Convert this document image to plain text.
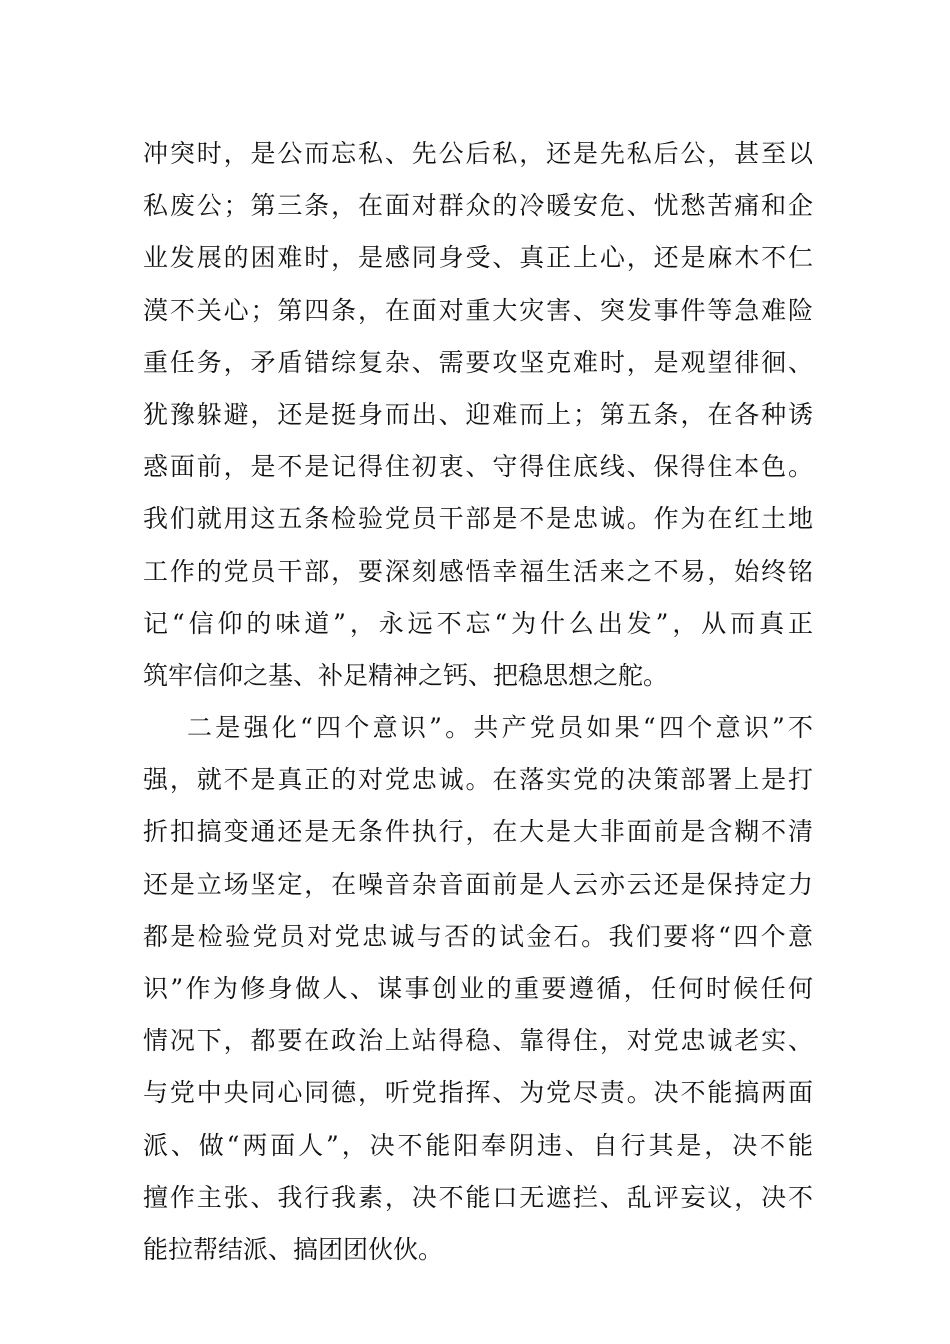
冲突时，是公而忘私、先公后私，还是先私后公，甚至以
私废公；第三条，在面对群众的冷暖安危、忧愁苦痛和企
业发展的困难时，是感同身受、真正上心，还是麻木不仁
漠不关心；第四条，在面对重大灾害、突发事件等急难险
重任务，矛盾错综复杂、需要攻坚克难时，是观望徘徊、
犹豫躲避，还是挺身而出、迎难而上；第五条，在各种诱
惑面前，是不是记得住初衷、守得住底线、保得住本色。
我们就用这五条检验党员干部是不是忠诚。作为在红土地
工作的党员干部，要深刻感悟幸福生活来之不易，始终铭
记“信仰的味道”，永远不忘“为什么出发”，从而真正
筑牢信仰之基、补足精神之钙、把稳思想之舵。
二是强化“四个意识”。共产党员如果“四个意识”不
强，就不是真正的对党忠诚。在落实党的决策部署上是打
折扣搞变通还是无条件执行，在大是大非面前是含糊不清
还是立场坚定，在噪音杂音面前是人云亦云还是保持定力
都是检验党员对党忠诚与否的试金石。我们要将“四个意
识”作为修身做人、谋事创业的重要遵循，任何时候任何
情况下，都要在政治上站得稳、靠得住，对党忠诚老实、
与党中央同心同德，听党指挥、为党尽责。决不能搞两面
派、做“两面人”，决不能阳奉阴违、自行其是，决不能
擅作主张、我行我素，决不能口无遮拦、乱评妄议，决不
能拉帮结派、搞团团伙伙。
